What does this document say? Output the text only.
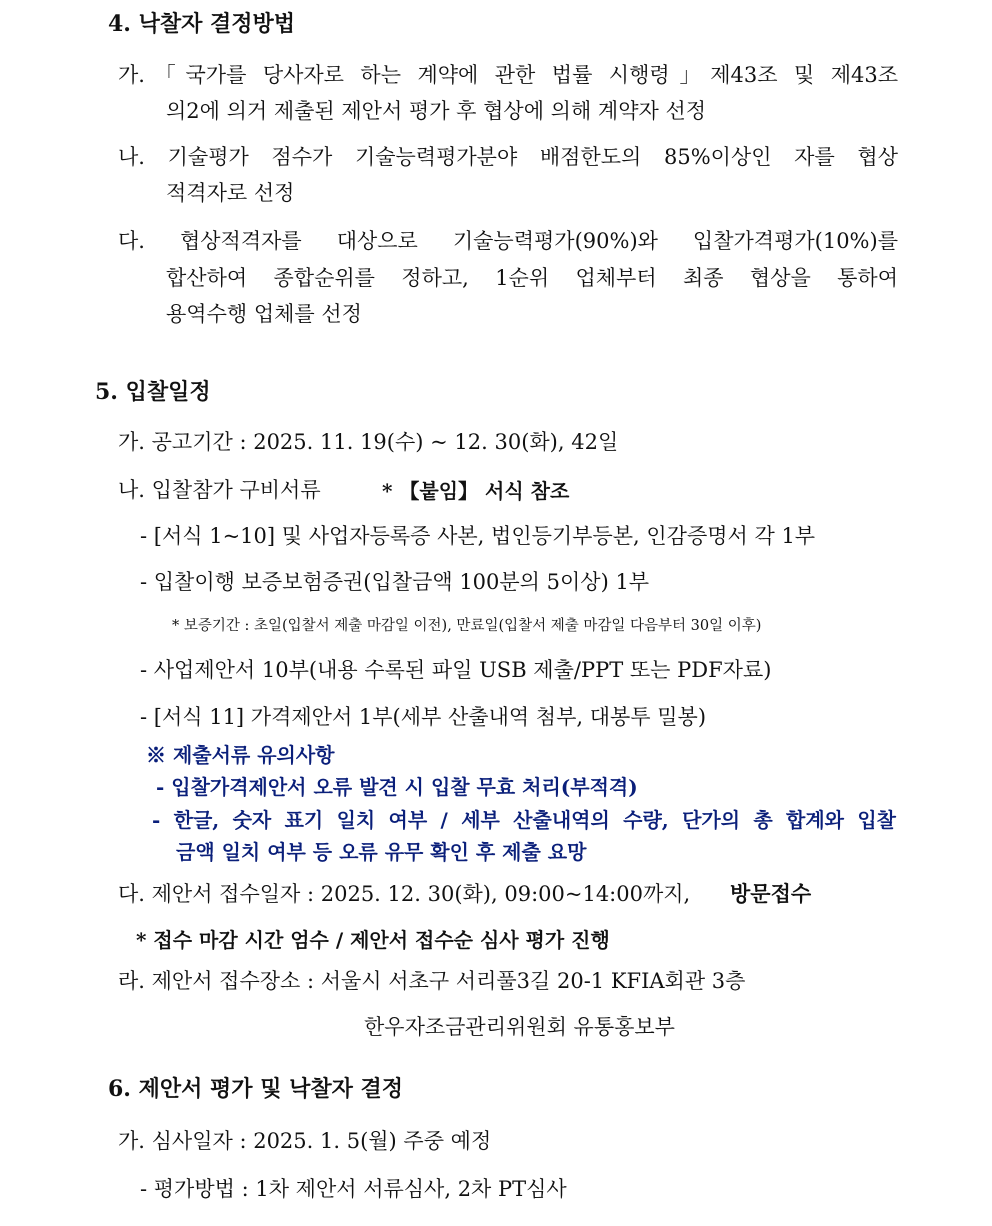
4. 낙찰자 결정방법
가.「국가를 당사자로 하는 계약에 관한 법률 시행령」제43조 및 제43조
의2에 의거 제출된 제안서 평가 후 협상에 의해 계약자 선정
나. 기술평가 점수가 기술능력평가분야 배점한도의 85%이상인 자를 협상
적격자로 선정
다. 협상적격자를 대상으로 기술능력평가(90%)와 입찰가격평가(10%)를
합산하여 종합순위를 정하고, 1순위 업체부터 최종 협상을 통하여
용역수행 업체를 선정
5. 입찰일정
가. 공고기간 : 2025. 11. 19(수) ~ 12. 30(화), 42일
나. 입찰참가 구비서류	* 【붙임】 서식 참조
- [서식 1~10] 및 사업자등록증 사본, 법인등기부등본, 인감증명서 각 1부
- 입찰이행 보증보험증권(입찰금액 100분의 5이상) 1부
* 보증기간 : 초일(입찰서 제출 마감일 이전), 만료일(입찰서 제출 마감일 다음부터 30일 이후)
- 사업제안서 10부(내용 수록된 파일 USB 제출/PPT 또는 PDF자료)
- [서식 11] 가격제안서 1부(세부 산출내역 첨부, 대봉투 밀봉)
※ 제출서류 유의사항
- 입찰가격제안서 오류 발견 시 입찰 무효 처리(부적격)
- 한글, 숫자 표기 일치 여부 / 세부 산출내역의 수량, 단가의 총 합계와 입찰
금액 일치 여부 등 오류 유무 확인 후 제출 요망
다. 제안서 접수일자 : 2025. 12. 30(화), 09:00~14:00까지, 방문접수
* 접수 마감 시간 엄수 / 제안서 접수순 심사 평가 진행
라. 제안서 접수장소 : 서울시 서초구 서리풀3길 20-1 KFIA회관 3층
한우자조금관리위원회 유통홍보부
6. 제안서 평가 및 낙찰자 결정
가. 심사일자 : 2025. 1. 5(월) 주중 예정
- 평가방법 : 1차 제안서 서류심사, 2차 PT심사
